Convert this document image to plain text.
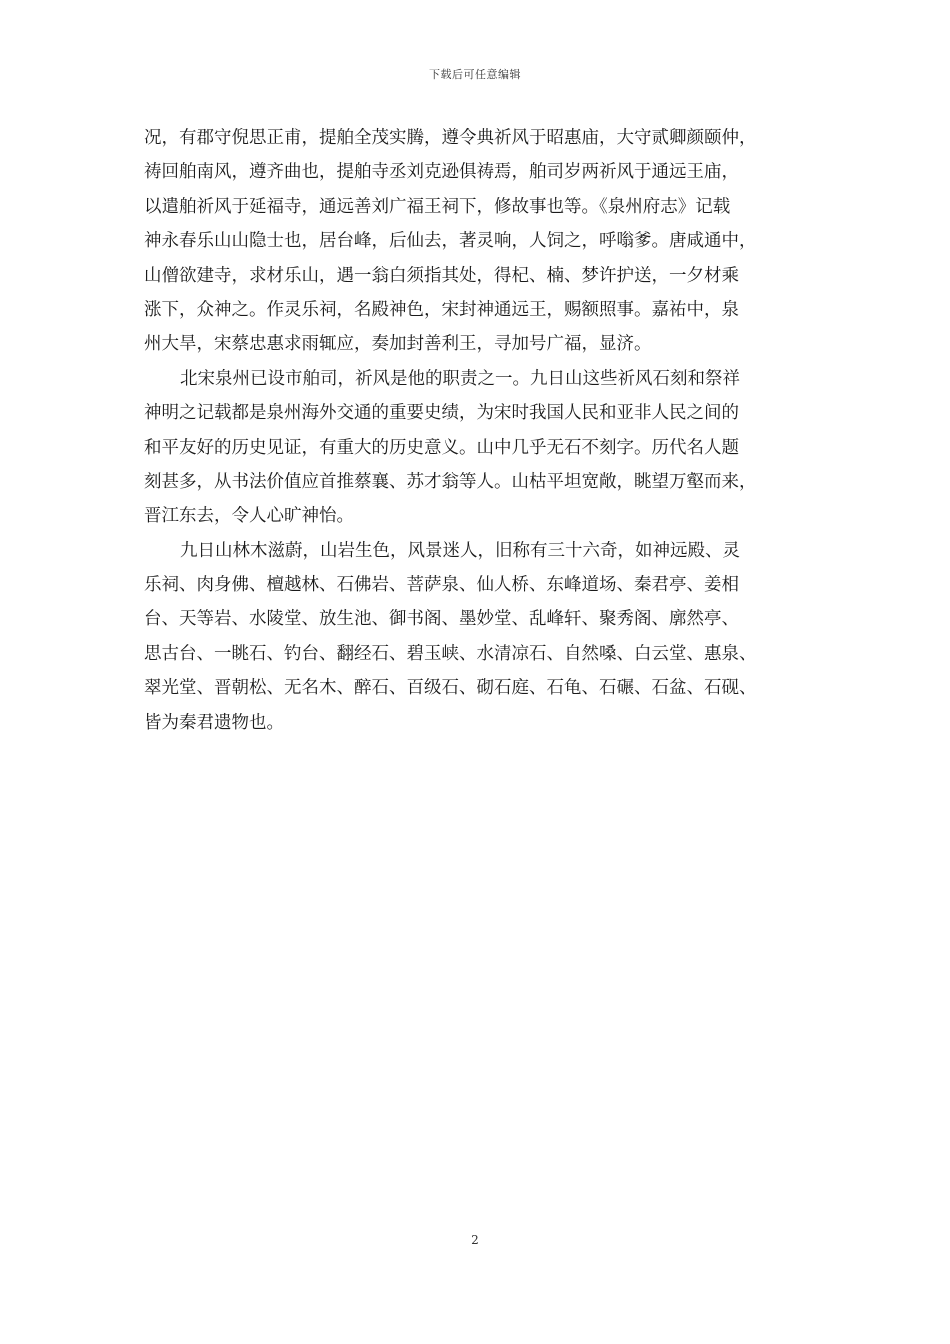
下载后可任意编辑
况，有郡守倪思正甫，提舶全茂实腾，遵令典祈风于昭惠庙，大守贰卿颜颐仲，
祷回舶南风，遵齐曲也，提舶寺丞刘克逊俱祷焉，舶司岁两祈风于通远王庙，
以遣舶祈风于延福寺，通远善刘广福王祠下，修故事也等。《泉州府志》记载
神永春乐山山隐士也，居台峰，后仙去，著灵响，人饲之，呼嗡爹。唐咸通中，
山僧欲建寺，求材乐山，遇一翁白须指其处，得杞、楠、梦许护送，一夕材乘
涨下，众神之。作灵乐祠，名殿神色，宋封神通远王，赐额照事。嘉祐中，泉
州大旱，宋蔡忠惠求雨辄应，奏加封善利王，寻加号广福，显济。
北宋泉州已设市舶司，祈风是他的职责之一。九日山这些祈风石刻和祭祥
神明之记载都是泉州海外交通的重要史绩，为宋时我国人民和亚非人民之间的
和平友好的历史见证，有重大的历史意义。山中几乎无石不刻字。历代名人题
刻甚多，从书法价值应首推蔡襄、苏才翁等人。山枯平坦宽敞，眺望万壑而来，
晋江东去，令人心旷神怡。
九日山林木滋蔚，山岩生色，风景迷人，旧称有三十六奇，如神远殿、灵
乐祠、肉身佛、檀越林、石佛岩、菩萨泉、仙人桥、东峰道场、秦君亭、姜相
台、天等岩、水陵堂、放生池、御书阁、墨妙堂、乱峰轩、聚秀阁、廓然亭、
思古台、一眺石、钓台、翻经石、碧玉峡、水清凉石、自然嗓、白云堂、惠泉、
翠光堂、晋朝松、无名木、醉石、百级石、砌石庭、石龟、石碾、石盆、石砚、
皆为秦君遗物也。
2
